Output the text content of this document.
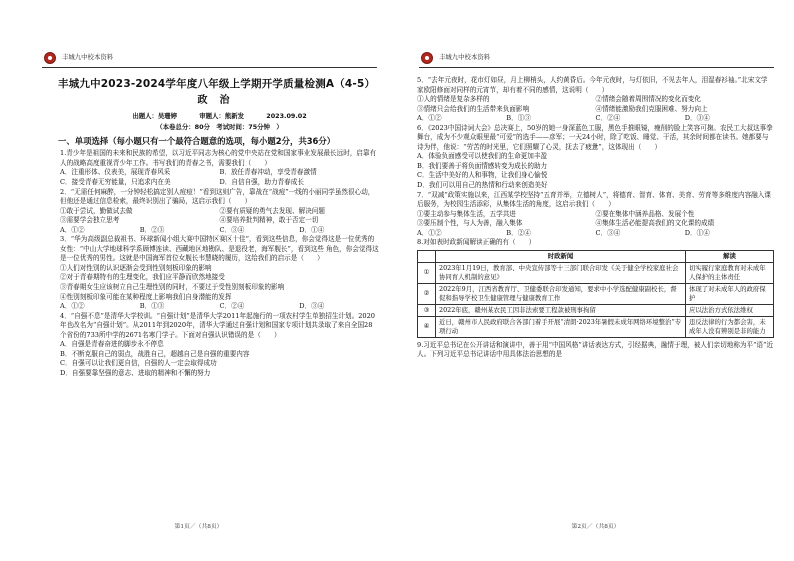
丰城九中校本资料
丰城九中2023-2024学年度八年级上学期开学质量检测A（4-5）
政治
出题人：吴珊婷	审题人：熊新发	2023.09.02
（本卷总分：80分　考试时间：75分钟　）
一、单项选择（每小题只有一个最符合题意的选项，每小题2分，共36分）

1.青少年是祖国的未来和民族的希望，以习近平同志为核心的党中央站在党和国家事业发展最长远时，启靠有人的战略高度重视青少年工作。书写我们的青春之书，需要我们（　　）

A．注重形体、仪表美，展现青春风采	B．放任青春冲动，享受青春激情
C．接受青春无穷能量，只追求内在美	D．自信自强，助力青春成长

2．“无需任何麻醉，一分钟轻松搞定别人痘痘！”看到这则广告，靠战在“战痘”一线的小丽同学虽然很心动，但他还是通过信息检索，最终识别出了骗局，这启示我们（　　）

①敢于尝试，勤做试去做	②要有质疑的勇气去发现、解决问题
③需要学会独立思考	④要培养批判精神，敢于否定一切
A．①②	B．②③	C．③④	D．①④

3．“华为高级副总裁祖书、环球新闻小组大赛中国特区赛区十佳”，看到这些信息，你会觉得这是一位优秀的女性：“中山大学地球科学系顾博连读、西藏地区地勘队、是退役老，海军舰长”，看到这些 角色，你会觉得这是一位优秀的男性。这就是中国海军首位女舰长韦慧晓的履历，这给我们的启示是（　　）

①人们对性别的认识逐渐会受到性别刻板印象的影响

②对于青春期特有的生理变化，我们应平静而欣然地接受

③青春期女生应该树立自己生理性别的同时，不要过于受性别刻板印象的影响

④性别刻板印象可能在某种程度上影响我们自身潜能的发挥

A．①②	B．①③	C．②④	D．③④

4．“自强不息”是清华大学校训。“自强计划”是清华大学2011年起施行的一项农村学生单独招生计划。2020年也改名为“自强计划”。从2011年到2020年，清华大学通过自强计划和国家专项计划共录取了来自全国28个省份的733所中学的2671名寒门学子。下面对自强认识错误的是（　　）

A．自强是青春奋进的脚步永不停息

B．不断克服自己的弱点，战胜自己，超越自己是自强的重要内容

C．自强可以让我们更自信，自强的人一定会取得成功

D．自强要靠坚强的意志、进取的精神和不懈的努力

第1页／（共8页）
丰城九中校本资料

5．“去年元夜时，花市灯如昼，月上柳梢头，人约黄昏后。今年元夜时，与灯依旧，不见去年人，泪湿春衫袖。”北宋文学家欧阳修面对同样的元宵节，却有着不同的感情，这说明（　　）

①人的情绪是复杂多样的	②情绪会随着周围情况的变化而变化
③情绪只会给我们的生活带来负面影响	④情绪能激励我们克服困难、努力向上
A．①②	B．①③	C．②④	D．③④

6．《2023中国诗词大会》总决赛上，50岁的她一身深蓝色工服，黑色手推眼镜，瘦削的脸上笑容可掬。农民工大叔这事拳舞台，成为不少观众眼里最“可爱”的选手——彦军；一天24小时，除了吃饭、睡觉、干活，其余时间都在读书。她都要与诗为伴，他说：“劳苦的时光里，它们照耀了心灵，抚去了疲惫”，这体现出（　　）

A．体验负面感受可以使我们的生命更加丰盈

B．我们要善于将负面情感转变为成长的助力

C．生活中美好的人和事物，让我们身心愉悦

D．我们可以用自己的热情和行动来创造美好

7．“双减”政策实施以来，江西某学校坚持“五育并举，立德树人”，将德育、智育、体育、美育、劳育等多维度内容融入课后服务，为校园生活添彩，从集体生活的角度，这启示我们（　　）

①要主动参与集体生活，五学共进	②要在集体中涵养品格、发展个性
③要压制个性，与人为善，融入集体	④集体生活必能提高我们的文化课的成绩
A．①②	B．②④	C．③④	D．①④

8.对如表时政新闻解读正确的有（　　）

	时政新闻	解读
①	2023年1月19日，教育部、中央宣传部等十三部门联合印发《关于健全学校家庭社会协同育人机制的意见》	切实履行家庭教育对未成年人保护的主体责任
②	2022年9月，江西省教育厅、卫健委联合印发通知，要求中小学选配健康副校长，督促和指导学校卫生健康管理与健康教育工作	体现了对未成年人的政府保护
③	2022年底，赣州某农民工因非法索要工程款被刑事拘留	应以法治方式依法维权
④	近日，赣州市人民政府联合各部门着手开展“清朗·2023年暑假未成年网络环境整治”专项行动	违反法律的行为都会害，未成年人没有辨别是非的能力

9.习近平总书记在公开讲话和演讲中，善于用“中国风格”讲话表达方式，引经据典，融情于理，被人们亲切地称为平“语”近人。下列习近平总书记讲话中用具体法治思想的是

第2页／（共8页）
